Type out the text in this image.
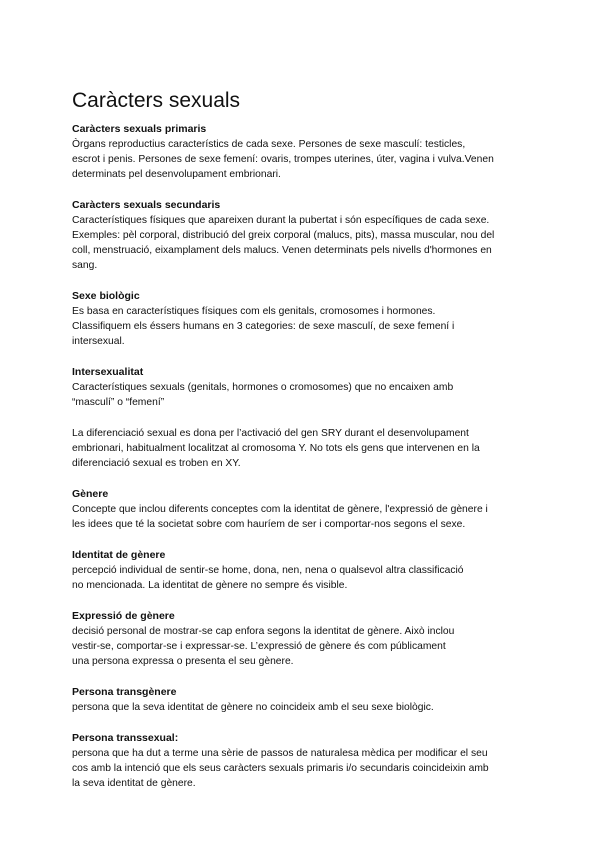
Caràcters sexuals

Caràcters sexuals primaris

Òrgans reproductius característics de cada sexe. Persones de sexe masculí: testicles,
escrot i penis. Persones de sexe femení: ovaris, trompes uterines, úter, vagina i vulva.Venen
determinats pel desenvolupament embrionari.

Caràcters sexuals secundaris

Característiques físiques que apareixen durant la pubertat i són específiques de cada sexe.
Exemples: pèl corporal, distribució del greix corporal (malucs, pits), massa muscular, nou del
coll, menstruació, eixamplament dels malucs. Venen determinats pels nivells d'hormones en
sang.

Sexe biològic

Es basa en característiques físiques com els genitals, cromosomes i hormones.
Classifiquem els éssers humans en 3 categories: de sexe masculí, de sexe femení i
intersexual.

Intersexualitat

Característiques sexuals (genitals, hormones o cromosomes) que no encaixen amb
“masculí” o “femení”

La diferenciació sexual es dona per l’activació del gen SRY durant el desenvolupament
embrionari, habitualment localitzat al cromosoma Y. No tots els gens que intervenen en la
diferenciació sexual es troben en XY.

Gènere

Concepte que inclou diferents conceptes com la identitat de gènere, l'expressió de gènere i
les idees que té la societat sobre com hauríem de ser i comportar-nos segons el sexe.

Identitat de gènere

percepció individual de sentir-se home, dona, nen, nena o qualsevol altra classificació
no mencionada. La identitat de gènere no sempre és visible.

Expressió de gènere

decisió personal de mostrar-se cap enfora segons la identitat de gènere. Això inclou
vestir-se, comportar-se i expressar-se. L’expressió de gènere és com públicament
una persona expressa o presenta el seu gènere.

Persona transgènere

persona que la seva identitat de gènere no coincideix amb el seu sexe biològic.

Persona transsexual:

persona que ha dut a terme una sèrie de passos de naturalesa mèdica per modificar el seu
cos amb la intenció que els seus caràcters sexuals primaris i/o secundaris coincideixin amb
la seva identitat de gènere.
